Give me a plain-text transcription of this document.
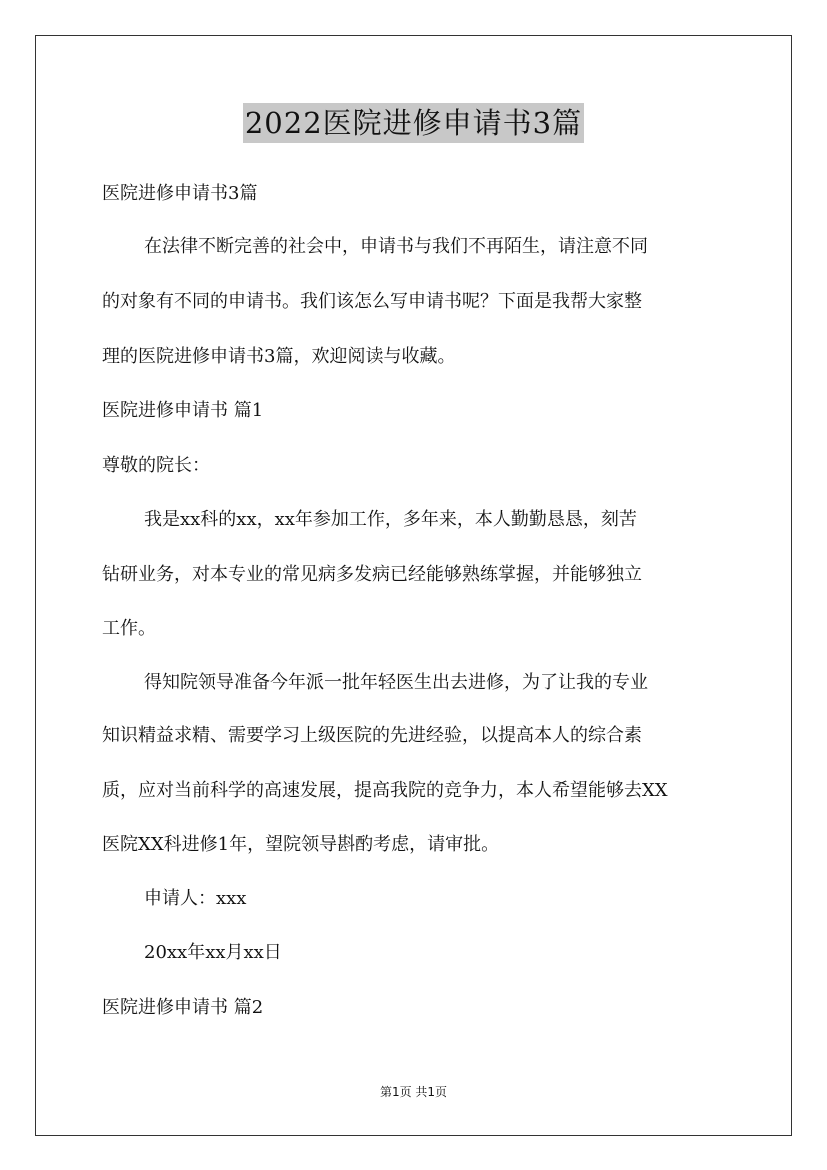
2022医院进修申请书3篇
医院进修申请书3篇
在法律不断完善的社会中，申请书与我们不再陌生，请注意不同
的对象有不同的申请书。我们该怎么写申请书呢？下面是我帮大家整
理的医院进修申请书3篇，欢迎阅读与收藏。
医院进修申请书 篇1
尊敬的院长：
我是xx科的xx，xx年参加工作，多年来，本人勤勤恳恳，刻苦
钻研业务，对本专业的常见病多发病已经能够熟练掌握，并能够独立
工作。
得知院领导准备今年派一批年轻医生出去进修，为了让我的专业
知识精益求精、需要学习上级医院的先进经验，以提高本人的综合素
质，应对当前科学的高速发展，提高我院的竞争力，本人希望能够去XX
医院XX科进修1年，望院领导斟酌考虑，请审批。
申请人：xxx
20xx年xx月xx日
医院进修申请书 篇2
第1页 共1页
